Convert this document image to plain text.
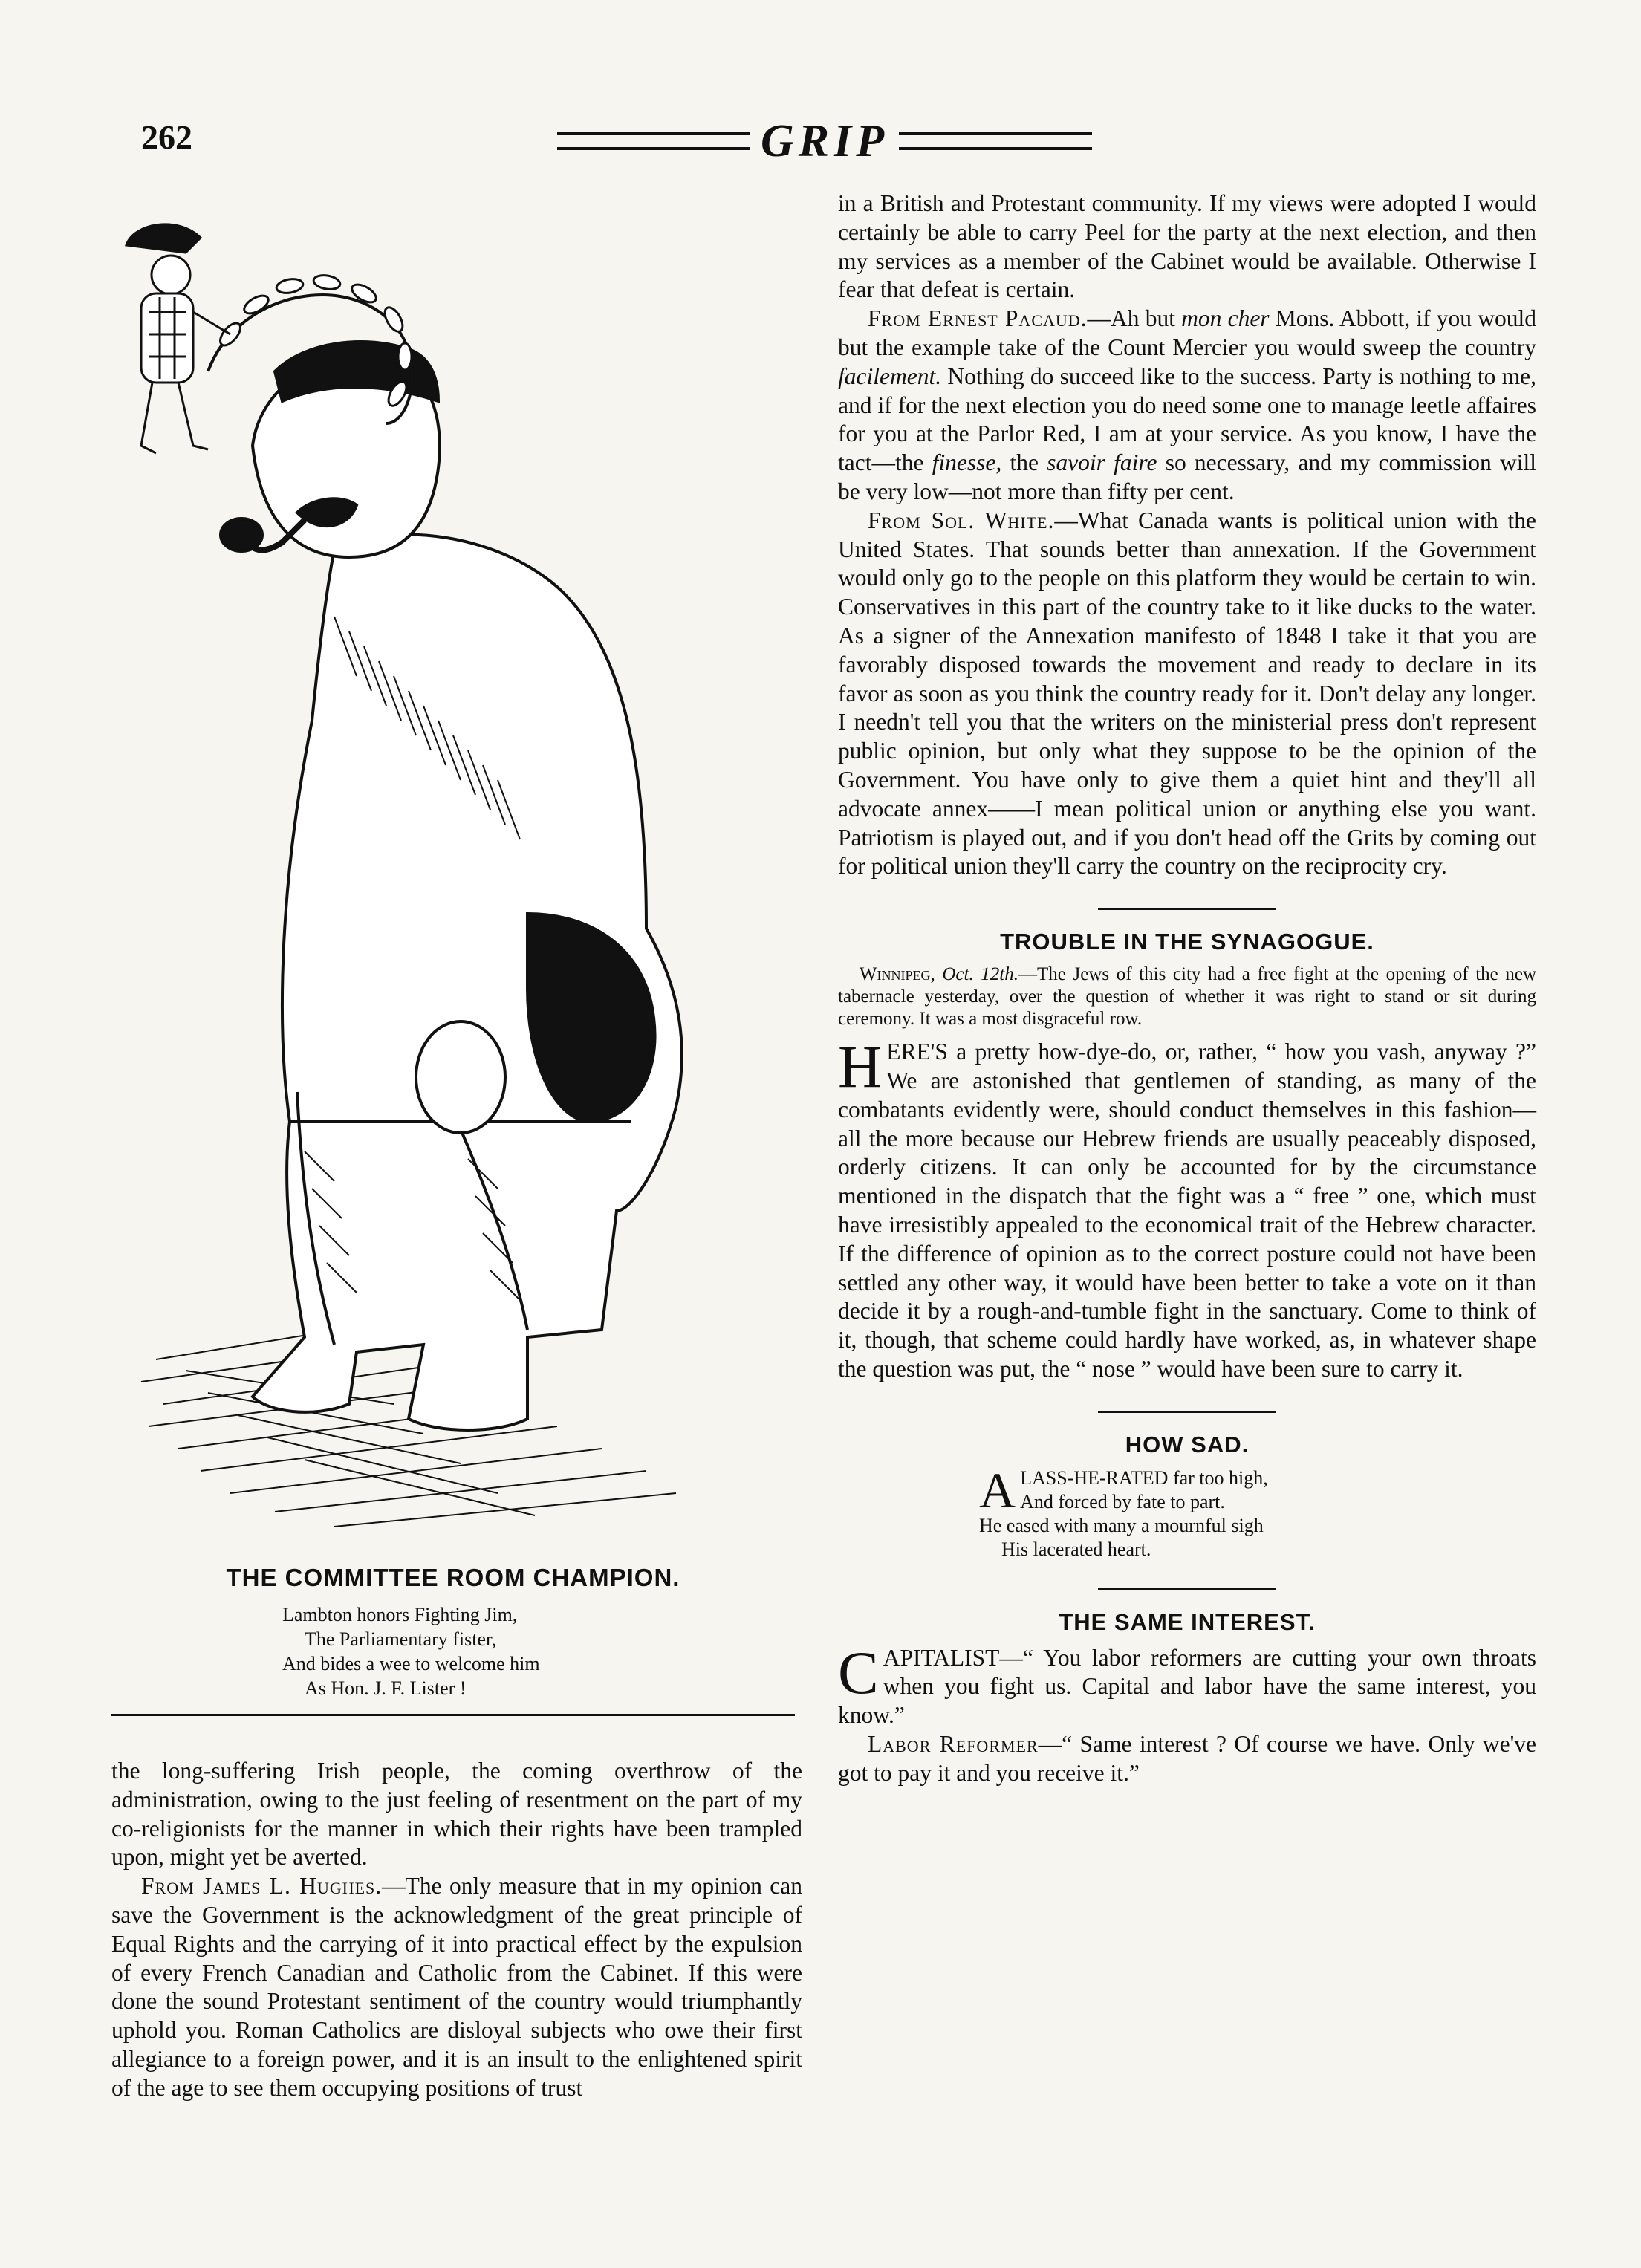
262	GRIP
THE COMMITTEE ROOM CHAMPION.
Lambton honors Fighting Jim,
The Parliamentary fister,
And bides a wee to welcome him
As Hon. J. F. Lister !

the long-suffering Irish people, the coming overthrow of the administration, owing to the just feeling of resentment on the part of my co-religionists for the manner in which their rights have been trampled upon, might yet be averted.

From James L. Hughes.—The only measure that in my opinion can save the Government is the acknowledgment of the great principle of Equal Rights and the carrying of it into practical effect by the expulsion of every French Canadian and Catholic from the Cabinet. If this were done the sound Protestant sentiment of the country would triumphantly uphold you. Roman Catholics are disloyal subjects who owe their first allegiance to a foreign power, and it is an insult to the enlightened spirit of the age to see them occupying positions of trust

in a British and Protestant community. If my views were adopted I would certainly be able to carry Peel for the party at the next election, and then my services as a member of the Cabinet would be available. Otherwise I fear that defeat is certain.

From Ernest Pacaud.—Ah but mon cher Mons. Abbott, if you would but the example take of the Count Mercier you would sweep the country facilement. Nothing do succeed like to the success. Party is nothing to me, and if for the next election you do need some one to manage leetle affaires for you at the Parlor Red, I am at your service. As you know, I have the tact—the finesse, the savoir faire so necessary, and my commission will be very low—not more than fifty per cent.

From Sol. White.—What Canada wants is political union with the United States. That sounds better than annexation. If the Government would only go to the people on this platform they would be certain to win. Conservatives in this part of the country take to it like ducks to the water. As a signer of the Annexation manifesto of 1848 I take it that you are favorably disposed towards the movement and ready to declare in its favor as soon as you think the country ready for it. Don't delay any longer. I needn't tell you that the writers on the ministerial press don't represent public opinion, but only what they suppose to be the opinion of the Government. You have only to give them a quiet hint and they'll all advocate annex——I mean political union or anything else you want. Patriotism is played out, and if you don't head off the Grits by coming out for political union they'll carry the country on the reciprocity cry.

TROUBLE IN THE SYNAGOGUE.
Winnipeg, Oct. 12th.—The Jews of this city had a free fight at the opening of the new tabernacle yesterday, over the question of whether it was right to stand or sit during ceremony. It was a most disgraceful row.

HERE'S a pretty how-dye-do, or, rather, “ how you vash, anyway ?” We are astonished that gentlemen of standing, as many of the combatants evidently were, should conduct themselves in this fashion—all the more because our Hebrew friends are usually peaceably disposed, orderly citizens. It can only be accounted for by the circumstance mentioned in the dispatch that the fight was a “ free ” one, which must have irresistibly appealed to the economical trait of the Hebrew character. If the difference of opinion as to the correct posture could not have been settled any other way, it would have been better to take a vote on it than decide it by a rough-and-tumble fight in the sanctuary. Come to think of it, though, that scheme could hardly have worked, as, in whatever shape the question was put, the “ nose ” would have been sure to carry it.

HOW SAD.
A LASS-HE-RATED far too high,
And forced by fate to part.
He eased with many a mournful sigh
His lacerated heart.
THE SAME INTEREST.

CAPITALIST—“ You labor reformers are cutting your own throats when you fight us. Capital and labor have the same interest, you know.”

Labor Reformer—“ Same interest ? Of course we have. Only we've got to pay it and you receive it.”
